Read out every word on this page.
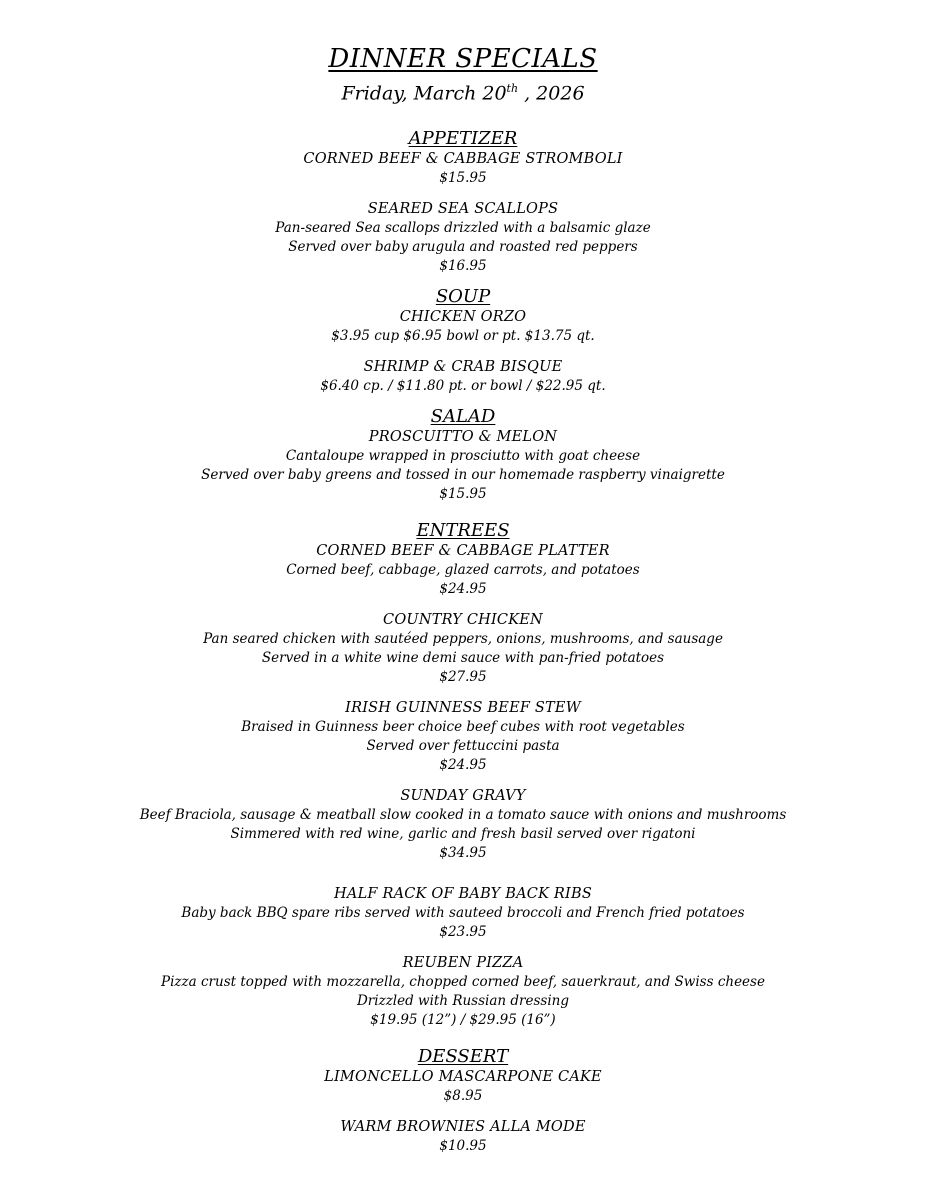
DINNER SPECIALS
Friday, March 20th , 2026
APPETIZER
CORNED BEEF & CABBAGE STROMBOLI
$15.95
SEARED SEA SCALLOPS
Pan-seared Sea scallops drizzled with a balsamic glaze
Served over baby arugula and roasted red peppers
$16.95
SOUP
CHICKEN ORZO
$3.95 cup $6.95 bowl or pt. $13.75 qt.
SHRIMP & CRAB BISQUE
$6.40 cp. / $11.80 pt. or bowl / $22.95 qt.
SALAD
PROSCUITTO & MELON
Cantaloupe wrapped in prosciutto with goat cheese
Served over baby greens and tossed in our homemade raspberry vinaigrette
$15.95
ENTREES
CORNED BEEF & CABBAGE PLATTER
Corned beef, cabbage, glazed carrots, and potatoes
$24.95
COUNTRY CHICKEN
Pan seared chicken with sautéed peppers, onions, mushrooms, and sausage
Served in a white wine demi sauce with pan-fried potatoes
$27.95
IRISH GUINNESS BEEF STEW
Braised in Guinness beer choice beef cubes with root vegetables
Served over fettuccini pasta
$24.95
SUNDAY GRAVY
Beef Braciola, sausage & meatball slow cooked in a tomato sauce with onions and mushrooms
Simmered with red wine, garlic and fresh basil served over rigatoni
$34.95
HALF RACK OF BABY BACK RIBS
Baby back BBQ spare ribs served with sauteed broccoli and French fried potatoes
$23.95
REUBEN PIZZA
Pizza crust topped with mozzarella, chopped corned beef, sauerkraut, and Swiss cheese
Drizzled with Russian dressing
$19.95 (12”) / $29.95 (16”)
DESSERT
LIMONCELLO MASCARPONE CAKE
$8.95
WARM BROWNIES ALLA MODE
$10.95
